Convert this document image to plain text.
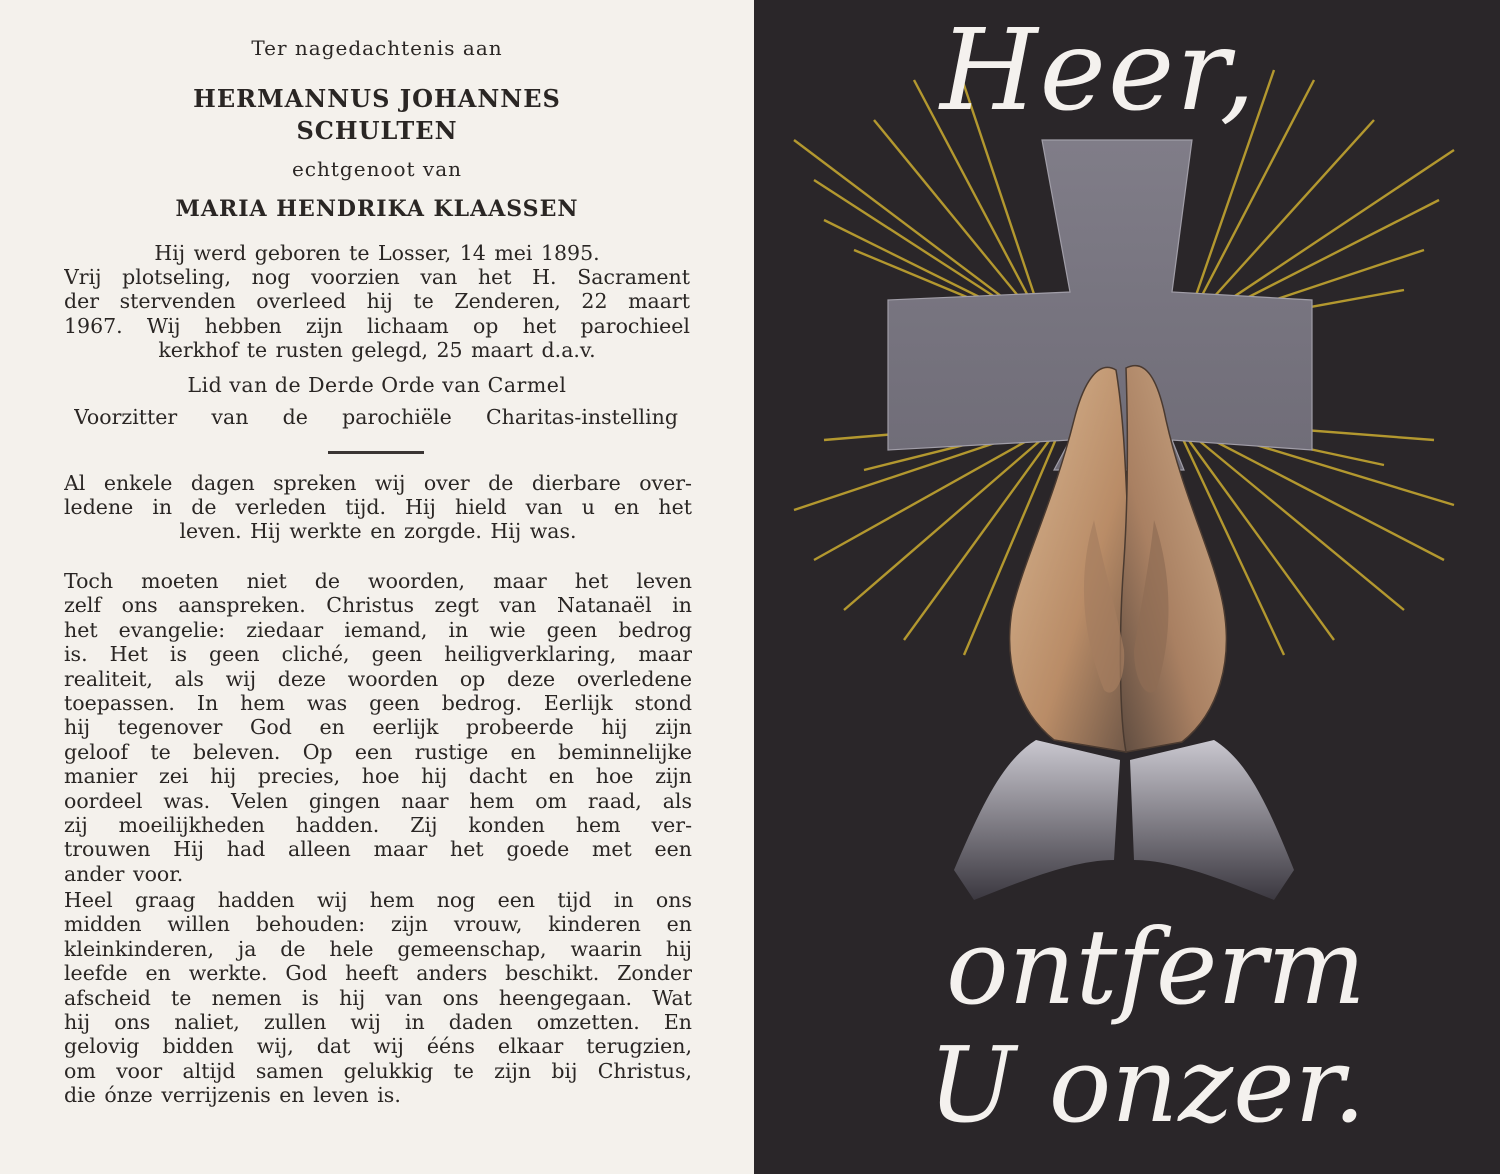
Ter nagedachtenis aan
HERMANNUS JOHANNES
SCHULTEN
echtgenoot van
MARIA HENDRIKA KLAASSEN
Hij werd geboren te Losser, 14 mei 1895.
Vrij plotseling, nog voorzien van het H. Sacrament
der stervenden overleed hij te Zenderen, 22 maart
1967. Wij hebben zijn lichaam op het parochieel
kerkhof te rusten gelegd, 25 maart d.a.v.
Lid van de Derde Orde van Carmel
Voorzitter van de parochiële Charitas-instelling
Al enkele dagen spreken wij over de dierbare over-
ledene in de verleden tijd. Hij hield van u en het
leven. Hij werkte en zorgde. Hij was.
Toch moeten niet de woorden, maar het leven
zelf ons aanspreken. Christus zegt van Natanaël in
het evangelie: ziedaar iemand, in wie geen bedrog
is. Het is geen cliché, geen heiligverklaring, maar
realiteit, als wij deze woorden op deze overledene
toepassen. In hem was geen bedrog. Eerlijk stond
hij tegenover God en eerlijk probeerde hij zijn
geloof te beleven. Op een rustige en beminnelijke
manier zei hij precies, hoe hij dacht en hoe zijn
oordeel was. Velen gingen naar hem om raad, als
zij moeilijkheden hadden. Zij konden hem ver-
trouwen Hij had alleen maar het goede met een
ander voor.
Heel graag hadden wij hem nog een tijd in ons
midden willen behouden: zijn vrouw, kinderen en
kleinkinderen, ja de hele gemeenschap, waarin hij
leefde en werkte. God heeft anders beschikt. Zonder
afscheid te nemen is hij van ons heengegaan. Wat
hij ons naliet, zullen wij in daden omzetten. En
gelovig bidden wij, dat wij ééns elkaar terugzien,
om voor altijd samen gelukkig te zijn bij Christus,
die ónze verrijzenis en leven is.
Heer,
ontferm
U onzer.
